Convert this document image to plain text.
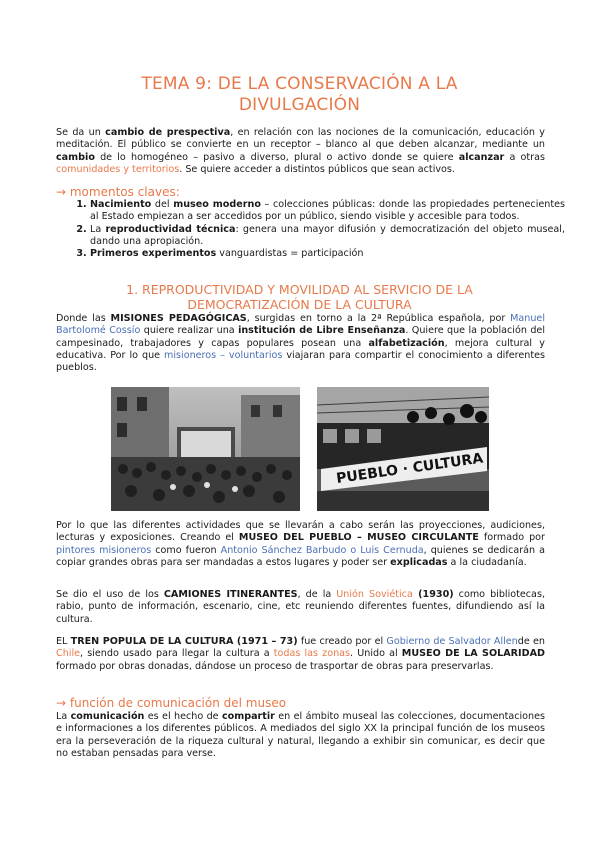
TEMA 9: DE LA CONSERVACIÓN A LA
DIVULGACIÓN
Se da un cambio de prespectiva, en relación con las nociones de la comunicación, educación y meditación. El público se convierte en un receptor – blanco al que deben alcanzar, mediante un cambio de lo homogéneo – pasivo a diverso, plural o activo donde se quiere alcanzar a otras comunidades y territorios. Se quiere acceder a distintos públicos que sean activos.
→ momentos claves:
1. Nacimiento del museo moderno – colecciones públicas: donde las propiedades pertenecientes al Estado empiezan a ser accedidos por un público, siendo visible y accesible para todos.
2. La reproductividad técnica: genera una mayor difusión y democratización del objeto museal, dando una apropiación.
3. Primeros experimentos vanguardistas = participación
1. REPRODUCTIVIDAD Y MOVILIDAD AL SERVICIO DE LA
DEMOCRATIZACIÓN DE LA CULTURA
Donde las MISIONES PEDAGÓGICAS, surgidas en torno a la 2ª República española, por Manuel Bartolomé Cossío quiere realizar una institución de Libre Enseñanza. Quiere que la población del campesinado, trabajadores y capas populares posean una alfabetización, mejora cultural y educativa. Por lo que misioneros – voluntarios viajaran para compartir el conocimiento a diferentes pueblos.
PUEBLO · CULTURA
Por lo que las diferentes actividades que se llevarán a cabo serán las proyecciones, audiciones, lecturas y exposiciones. Creando el MUSEO DEL PUEBLO – MUSEO CIRCULANTE formado por pintores misioneros como fueron Antonio Sánchez Barbudo o Luis Cernuda, quienes se dedicarán a copiar grandes obras para ser mandadas a estos lugares y poder ser explicadas a la ciudadanía.
Se dio el uso de los CAMIONES ITINERANTES, de la Unión Soviética (1930) como bibliotecas, rabio, punto de información, escenario, cine, etc reuniendo diferentes fuentes, difundiendo así la cultura.
EL TREN POPULA DE LA CULTURA (1971 – 73) fue creado por el Gobierno de Salvador Allende en Chile, siendo usado para llegar la cultura a todas las zonas. Unido al MUSEO DE LA SOLARIDAD formado por obras donadas, dándose un proceso de trasportar de obras para preservarlas.
→ función de comunicación del museo
La comunicación es el hecho de compartir en el ámbito museal las colecciones, documentaciones e informaciones a los diferentes públicos. A mediados del siglo XX la principal función de los museos era la perseveración de la riqueza cultural y natural, llegando a exhibir sin comunicar, es decir que no estaban pensadas para verse.
